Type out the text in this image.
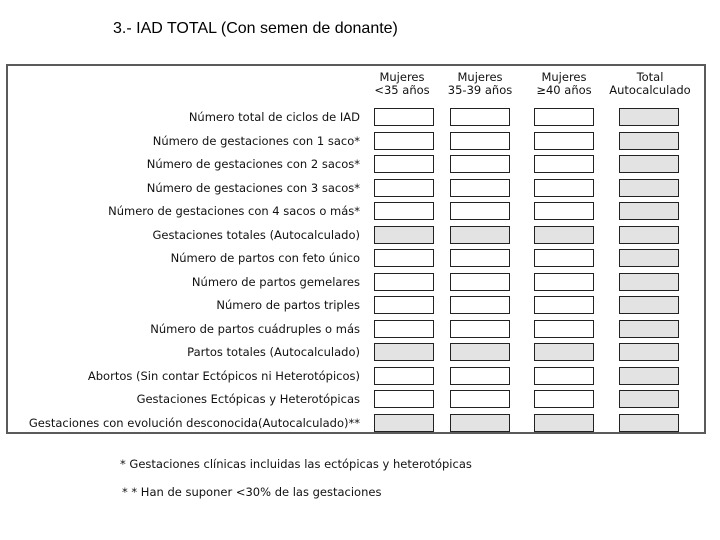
3.- IAD TOTAL (Con semen de donante)
Mujeres
<35 años
Mujeres
35-39 años
Mujeres
≥40 años
Total
Autocalculado
Número total de ciclos de IAD
Número de gestaciones con 1 saco*
Número de gestaciones con 2 sacos*
Número de gestaciones con 3 sacos*
Número de gestaciones con 4 sacos o más*
Gestaciones totales (Autocalculado)
Número de partos con feto único
Número de partos gemelares
Número de partos triples
Número de partos cuádruples o más
Partos totales (Autocalculado)
Abortos (Sin contar Ectópicos ni Heterotópicos)
Gestaciones Ectópicas y Heterotópicas
Gestaciones con evolución desconocida(Autocalculado)**
* Gestaciones clínicas incluidas las ectópicas y heterotópicas
* * Han de suponer <30% de las gestaciones
